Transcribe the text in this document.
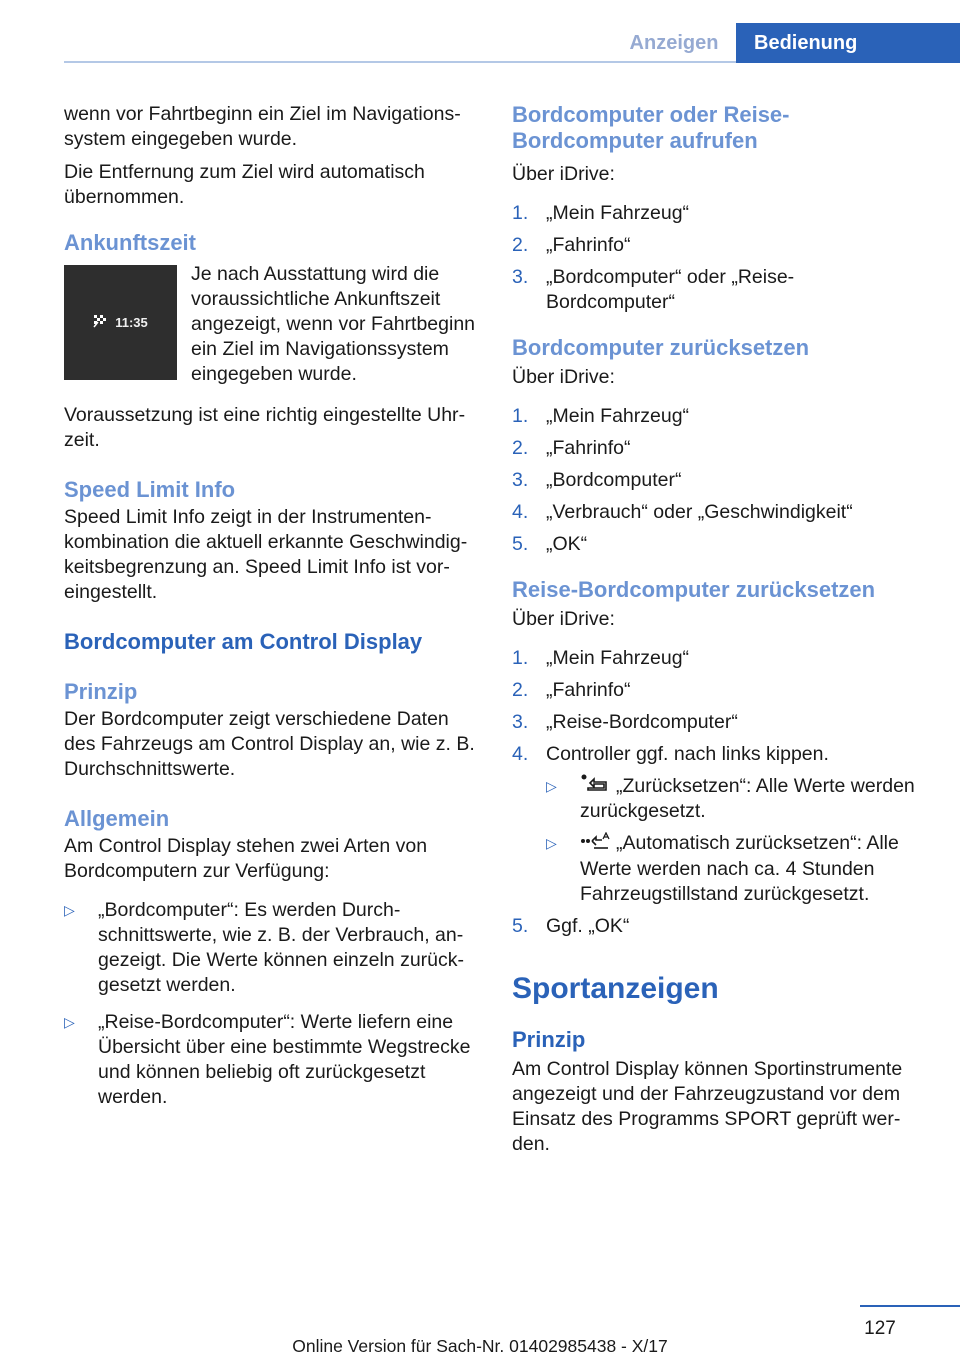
Anzeigen	Bedienung

wenn vor Fahrtbeginn ein Ziel im Navigationssystem eingegeben wurde.

Die Entfernung zum Ziel wird automatisch übernommen.

Ankunftszeit
11:35

Je nach Ausstattung wird die voraussichtliche Ankunftszeit angezeigt, wenn vor Fahrtbeginn ein Ziel im Navigationssystem eingegeben wurde.

Voraussetzung ist eine richtig eingestellte Uhrzeit.

Speed Limit Info

Speed Limit Info zeigt in der Instrumentenkombination die aktuell erkannte Geschwindigkeitsbegrenzung an. Speed Limit Info ist voreingestellt.

Bordcomputer am Control Display
Prinzip

Der Bordcomputer zeigt verschiedene Daten des Fahrzeugs am Control Display an, wie z. B. Durchschnittswerte.

Allgemein

Am Control Display stehen zwei Arten von Bordcomputern zur Verfügung:

▷	„Bordcomputer“: Es werden Durchschnittswerte, wie z. B. der Verbrauch, angezeigt. Die Werte können einzeln zurückgesetzt werden.
▷	„Reise-Bordcomputer“: Werte liefern eine Übersicht über eine bestimmte Wegstrecke und können beliebig oft zurückgesetzt werden.
Bordcomputer oder Reise-Bordcomputer aufrufen

Über iDrive:

1. „Mein Fahrzeug“
2. „Fahrinfo“
3. „Bordcomputer“ oder „Reise-Bordcomputer“
Bordcomputer zurücksetzen

Über iDrive:

1. „Mein Fahrzeug“
2. „Fahrinfo“
3. „Bordcomputer“
4. „Verbrauch“ oder „Geschwindigkeit“
5. „OK“
Reise-Bordcomputer zurücksetzen

Über iDrive:

1. „Mein Fahrzeug“
2. „Fahrinfo“
3. „Reise-Bordcomputer“
4. Controller ggf. nach links kippen.
▷	„Zurücksetzen“: Alle Werte werden zurückgesetzt.
▷	„Automatisch zurücksetzen“: Alle Werte werden nach ca. 4 Stunden Fahrzeugstillstand zurückgesetzt.
5. Ggf. „OK“
Sportanzeigen
Prinzip

Am Control Display können Sportinstrumente angezeigt und der Fahrzeugzustand vor dem Einsatz des Programms SPORT geprüft werden.

127
Online Version für Sach-Nr. 01402985438 - X/17
